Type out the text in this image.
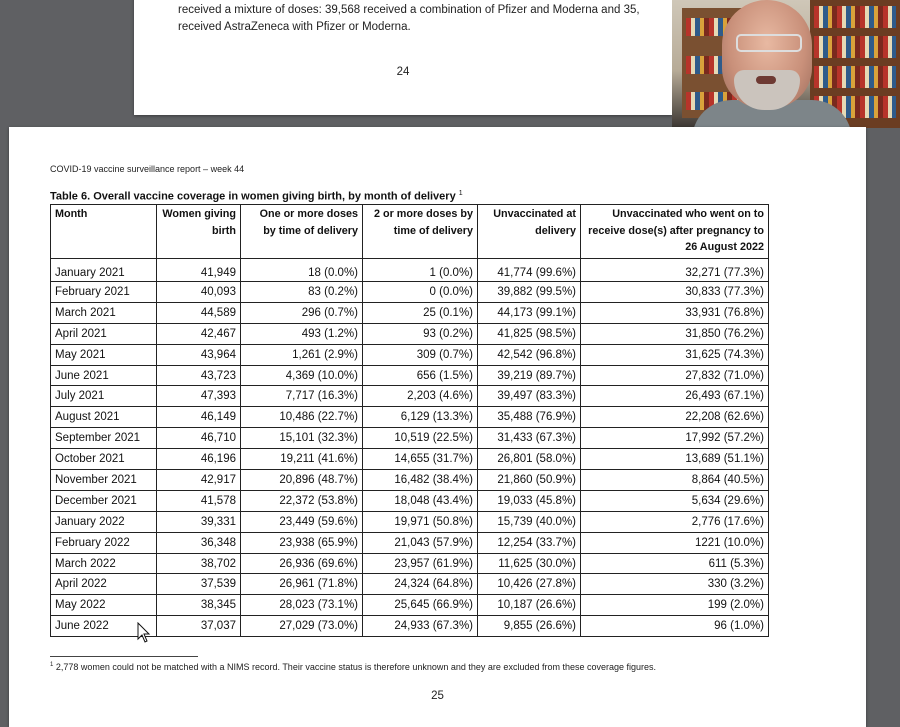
received a mixture of doses: 39,568 received a combination of Pfizer and Moderna and 35,
received AstraZeneca with Pfizer or Moderna.
24
COVID-19 vaccine surveillance report – week 44
Table 6. Overall vaccine coverage in women giving birth, by month of delivery $^1$
Month	Women giving birth	One or more doses by time of delivery	2 or more doses by time of delivery	Unvaccinated at delivery	Unvaccinated who went on to receive dose(s) after pregnancy to 26 August 2022
January 2021	41,949	18 (0.0%)	1 (0.0%)	41,774 (99.6%)	32,271 (77.3%)
February 2021	40,093	83 (0.2%)	0 (0.0%)	39,882 (99.5%)	30,833 (77.3%)
March 2021	44,589	296 (0.7%)	25 (0.1%)	44,173 (99.1%)	33,931 (76.8%)
April 2021	42,467	493 (1.2%)	93 (0.2%)	41,825 (98.5%)	31,850 (76.2%)
May 2021	43,964	1,261 (2.9%)	309 (0.7%)	42,542 (96.8%)	31,625 (74.3%)
June 2021	43,723	4,369 (10.0%)	656 (1.5%)	39,219 (89.7%)	27,832 (71.0%)
July 2021	47,393	7,717 (16.3%)	2,203 (4.6%)	39,497 (83.3%)	26,493 (67.1%)
August 2021	46,149	10,486 (22.7%)	6,129 (13.3%)	35,488 (76.9%)	22,208 (62.6%)
September 2021	46,710	15,101 (32.3%)	10,519 (22.5%)	31,433 (67.3%)	17,992 (57.2%)
October 2021	46,196	19,211 (41.6%)	14,655 (31.7%)	26,801 (58.0%)	13,689 (51.1%)
November 2021	42,917	20,896 (48.7%)	16,482 (38.4%)	21,860 (50.9%)	8,864 (40.5%)
December 2021	41,578	22,372 (53.8%)	18,048 (43.4%)	19,033 (45.8%)	5,634 (29.6%)
January 2022	39,331	23,449 (59.6%)	19,971 (50.8%)	15,739 (40.0%)	2,776 (17.6%)
February 2022	36,348	23,938 (65.9%)	21,043 (57.9%)	12,254 (33.7%)	1221 (10.0%)
March 2022	38,702	26,936 (69.6%)	23,957 (61.9%)	11,625 (30.0%)	611 (5.3%)
April 2022	37,539	26,961 (71.8%)	24,324 (64.8%)	10,426 (27.8%)	330 (3.2%)
May 2022	38,345	28,023 (73.1%)	25,645 (66.9%)	10,187 (26.6%)	199 (2.0%)
June 2022	37,037	27,029 (73.0%)	24,933 (67.3%)	9,855 (26.6%)	96 (1.0%)
$^1$ 2,778 women could not be matched with a NIMS record. Their vaccine status is therefore unknown and they are excluded from these coverage figures.
25
